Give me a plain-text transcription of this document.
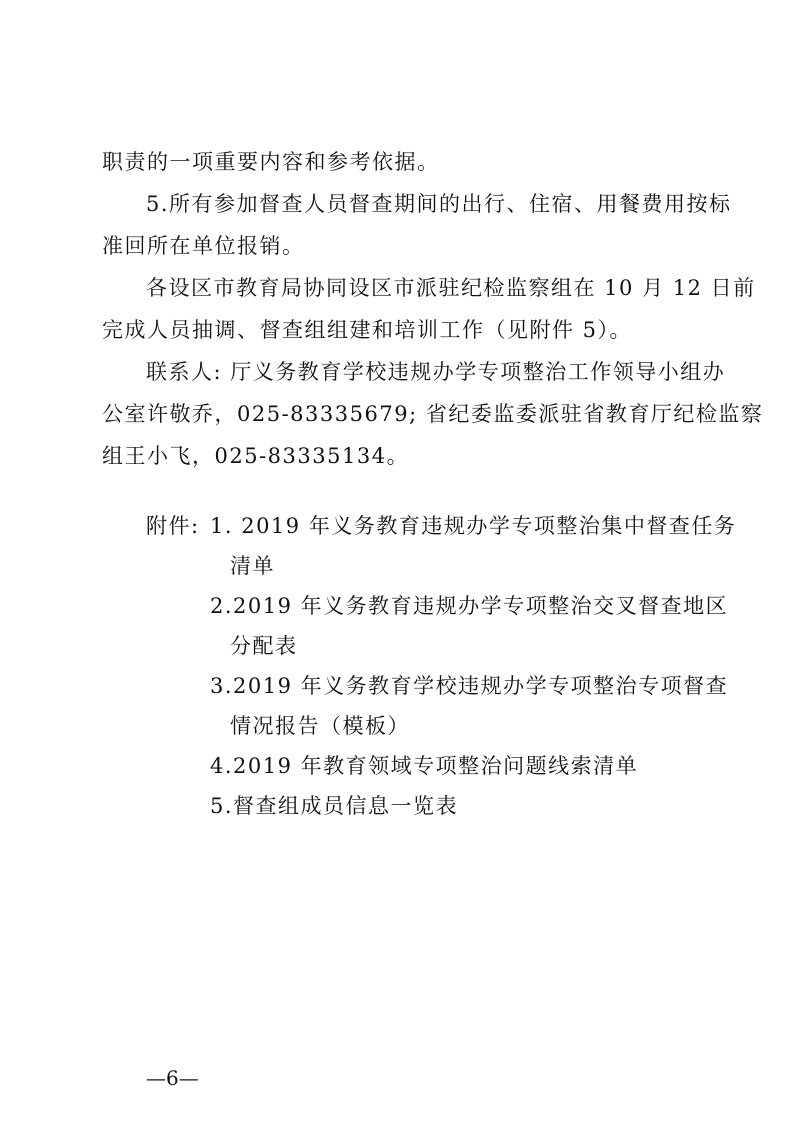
职责的一项重要内容和参考依据。
5.所有参加督查人员督查期间的出行、住宿、用餐费用按标
准回所在单位报销。
各设区市教育局协同设区市派驻纪检监察组在 10 月 12 日前
完成人员抽调、督查组组建和培训工作（见附件 5）。
联系人: 厅义务教育学校违规办学专项整治工作领导小组办
公室许敬乔，025-83335679; 省纪委监委派驻省教育厅纪检监察
组王小飞，025-83335134。
附件: 1. 2019 年义务教育违规办学专项整治集中督查任务
清单
2.2019 年义务教育违规办学专项整治交叉督查地区
分配表
3.2019 年义务教育学校违规办学专项整治专项督查
情况报告（模板）
4.2019 年教育领域专项整治问题线索清单
5.督查组成员信息一览表
—6—
